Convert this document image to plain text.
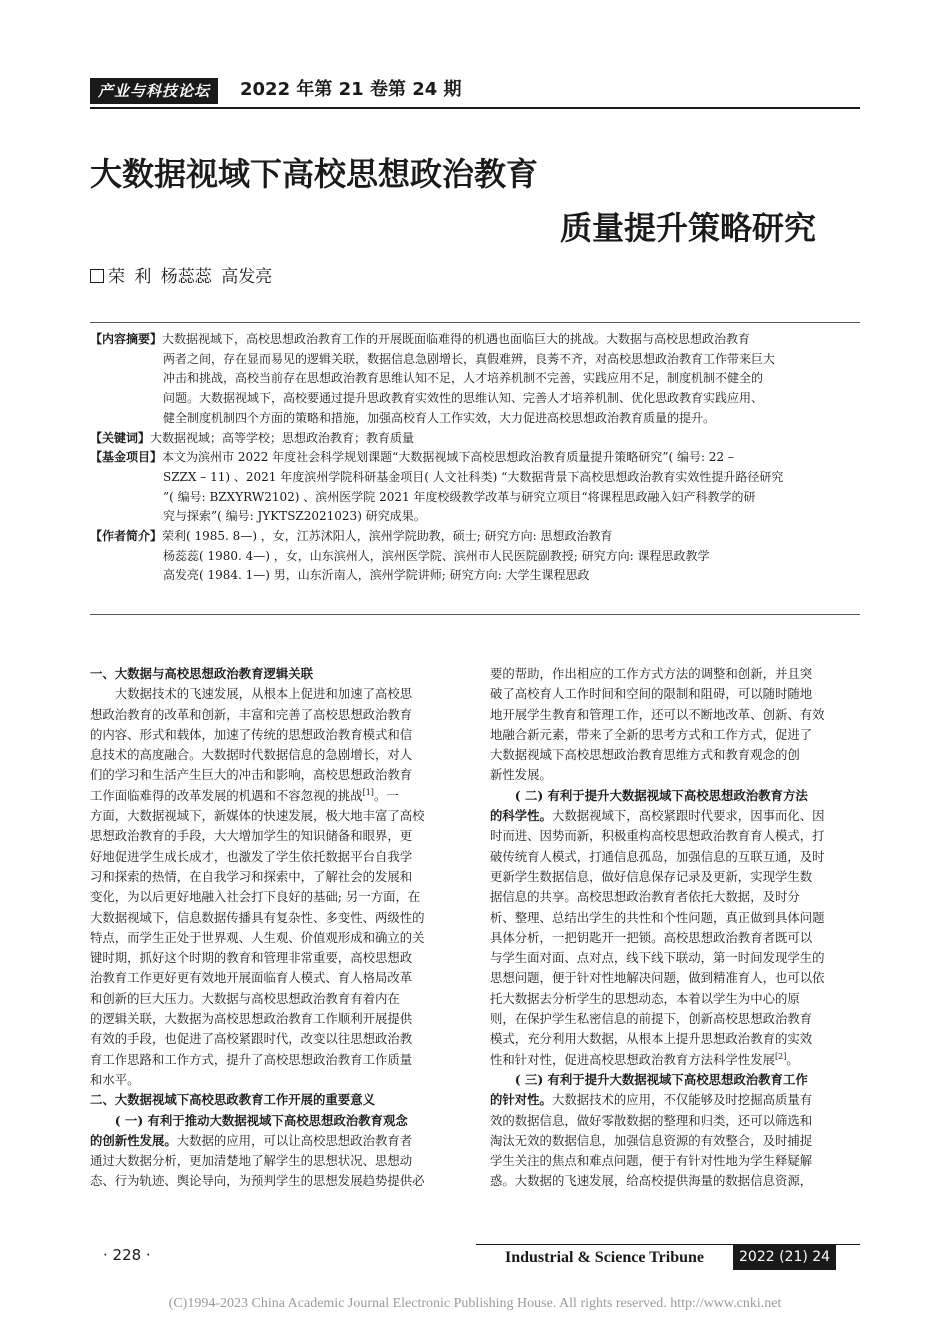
产业与科技论坛	2022 年第 21 卷第 24 期
大数据视域下高校思想政治教育
质量提升策略研究
荣 利 杨蕊蕊 高发亮
【内容摘要】大数据视域下，高校思想政治教育工作的开展既面临难得的机遇也面临巨大的挑战。大数据与高校思想政治教育
两者之间，存在显而易见的逻辑关联，数据信息急剧增长，真假难辨，良莠不齐，对高校思想政治教育工作带来巨大
冲击和挑战，高校当前存在思想政治教育思维认知不足，人才培养机制不完善，实践应用不足，制度机制不健全的
问题。大数据视域下，高校要通过提升思政教育实效性的思维认知、完善人才培养机制、优化思政教育实践应用、
健全制度机制四个方面的策略和措施，加强高校育人工作实效，大力促进高校思想政治教育质量的提升。
【关键词】大数据视域；高等学校；思想政治教育；教育质量
【基金项目】本文为滨州市 2022 年度社会科学规划课题“大数据视域下高校思想政治教育质量提升策略研究”( 编号: 22 –
SZZX – 11) 、2021 年度滨州学院科研基金项目( 人文社科类) “大数据背景下高校思想政治教育实效性提升路径研究
”( 编号: BZXYRW2102) 、滨州医学院 2021 年度校级教学改革与研究立项目“将课程思政融入妇产科教学的研
究与探索”( 编号: JYKTSZ2021023) 研究成果。
【作者简介】荣利( 1985. 8—) ，女，江苏沭阳人，滨州学院助教，硕士; 研究方向: 思想政治教育
杨蕊蕊( 1980. 4—) ，女，山东滨州人，滨州医学院、滨州市人民医院副教授; 研究方向: 课程思政教学
高发亮( 1984. 1—) 男，山东沂南人，滨州学院讲师; 研究方向: 大学生课程思政

一、大数据与高校思想政治教育逻辑关联

　　大数据技术的飞速发展，从根本上促进和加速了高校思

想政治教育的改革和创新，丰富和完善了高校思想政治教育

的内容、形式和载体，加速了传统的思想政治教育模式和信

息技术的高度融合。大数据时代数据信息的急剧增长，对人

们的学习和生活产生巨大的冲击和影响，高校思想政治教育

工作面临难得的改革发展的机遇和不容忽视的挑战[1]。一

方面，大数据视域下，新媒体的快速发展，极大地丰富了高校

思想政治教育的手段，大大增加学生的知识储备和眼界，更

好地促进学生成长成才，也激发了学生依托数据平台自我学

习和探索的热情，在自我学习和探索中，了解社会的发展和

变化，为以后更好地融入社会打下良好的基础; 另一方面，在

大数据视域下，信息数据传播具有复杂性、多变性、两级性的

特点，而学生正处于世界观、人生观、价值观形成和确立的关

键时期，抓好这个时期的教育和管理非常重要，高校思想政

治教育工作更好更有效地开展面临育人模式、育人格局改革

和创新的巨大压力。大数据与高校思想政治教育有着内在

的逻辑关联，大数据为高校思想政治教育工作顺利开展提供

有效的手段，也促进了高校紧跟时代，改变以往思想政治教

育工作思路和工作方式，提升了高校思想政治教育工作质量

和水平。

二、大数据视域下高校思政教育工作开展的重要意义

　　( 一) 有利于推动大数据视域下高校思想政治教育观念

的创新性发展。大数据的应用，可以让高校思想政治教育者

通过大数据分析，更加清楚地了解学生的思想状况、思想动

态、行为轨迹、舆论导向，为预判学生的思想发展趋势提供必

要的帮助，作出相应的工作方式方法的调整和创新，并且突

破了高校育人工作时间和空间的限制和阻碍，可以随时随地

地开展学生教育和管理工作，还可以不断地改革、创新、有效

地融合新元素，带来了全新的思考方式和工作方式，促进了

大数据视域下高校思想政治教育思维方式和教育观念的创

新性发展。

　　( 二) 有利于提升大数据视域下高校思想政治教育方法

的科学性。大数据视域下，高校紧跟时代要求，因事而化、因

时而进、因势而新，积极重构高校思想政治教育育人模式，打

破传统育人模式，打通信息孤岛，加强信息的互联互通，及时

更新学生数据信息，做好信息保存记录及更新，实现学生数

据信息的共享。高校思想政治教育者依托大数据，及时分

析、整理、总结出学生的共性和个性问题，真正做到具体问题

具体分析，一把钥匙开一把锁。高校思想政治教育者既可以

与学生面对面、点对点，线下线下联动，第一时间发现学生的

思想问题，便于针对性地解决问题，做到精准育人，也可以依

托大数据去分析学生的思想动态，本着以学生为中心的原

则，在保护学生私密信息的前提下，创新高校思想政治教育

模式，充分利用大数据，从根本上提升思想政治教育的实效

性和针对性，促进高校思想政治教育方法科学性发展[2]。

　　( 三) 有利于提升大数据视域下高校思想政治教育工作

的针对性。大数据技术的应用，不仅能够及时挖掘高质量有

效的数据信息，做好零散数据的整理和归类，还可以筛选和

淘汰无效的数据信息，加强信息资源的有效整合，及时捕捉

学生关注的焦点和难点问题，便于有针对性地为学生释疑解

惑。大数据的飞速发展，给高校提供海量的数据信息资源，

· 228 ·	Industrial & Science Tribune	2022 (21) 24
(C)1994-2023 China Academic Journal Electronic Publishing House. All rights reserved. http://www.cnki.net
